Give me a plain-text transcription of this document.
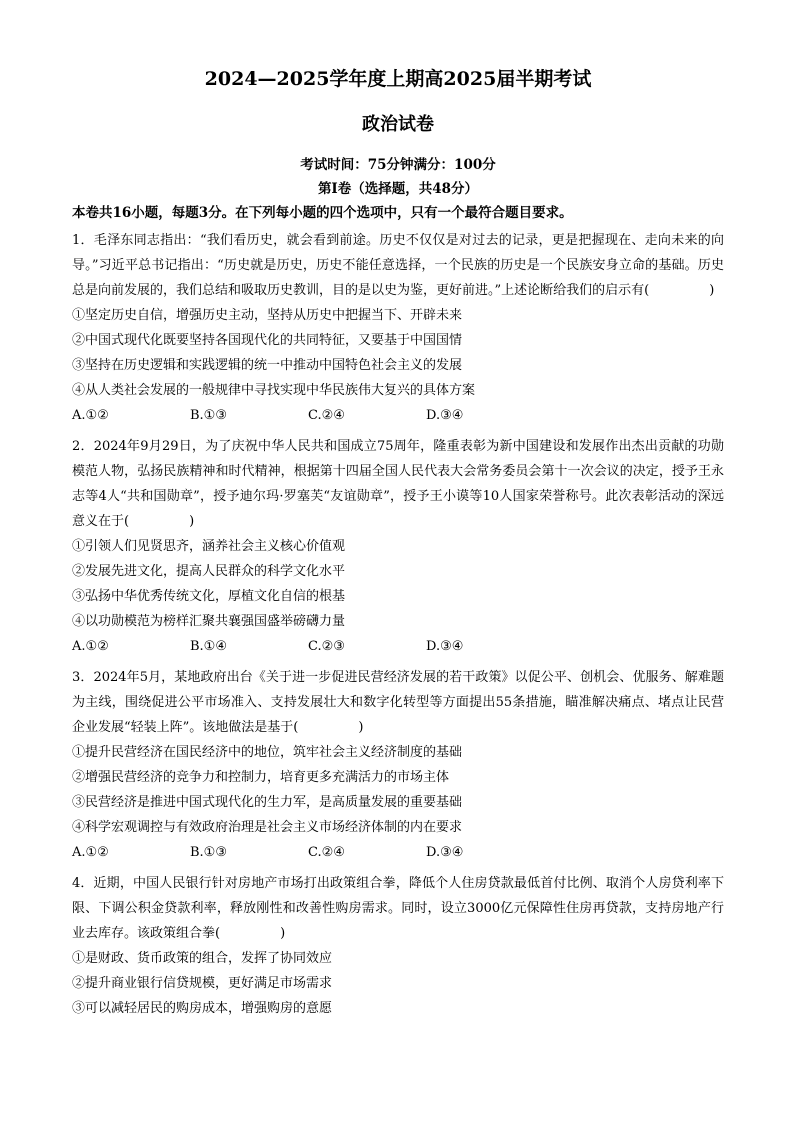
2024—2025学年度上期高2025届半期考试
政治试卷

考试时间：75分钟满分：100分

第Ⅰ卷（选择题，共48分）

本卷共16小题，每题3分。在下列每小题的四个选项中，只有一个最符合题目要求。

1．毛泽东同志指出：“我们看历史，就会看到前途。历史不仅仅是对过去的记录，更是把握现在、走向未来的向导。”习近平总书记指出：“历史就是历史，历史不能任意选择，一个民族的历史是一个民族安身立命的基础。历史总是向前发展的，我们总结和吸取历史教训，目的是以史为鉴，更好前进。”上述论断给我们的启示有(	)

①坚定历史自信，增强历史主动，坚持从历史中把握当下、开辟未来

②中国式现代化既要坚持各国现代化的共同特征，又要基于中国国情

③坚持在历史逻辑和实践逻辑的统一中推动中国特色社会主义的发展

④从人类社会发展的一般规律中寻找实现中华民族伟大复兴的具体方案

A.①②	B.①③	C.②④	D.③④

2．2024年9月29日，为了庆祝中华人民共和国成立75周年，隆重表彰为新中国建设和发展作出杰出贡献的功勋模范人物，弘扬民族精神和时代精神，根据第十四届全国人民代表大会常务委员会第十一次会议的决定，授予王永志等4人“共和国勋章”，授予迪尔玛·罗塞芙“友谊勋章”，授予王小谟等10人国家荣誉称号。此次表彰活动的深远意义在于(	)

①引领人们见贤思齐，涵养社会主义核心价值观

②发展先进文化，提高人民群众的科学文化水平

③弘扬中华优秀传统文化，厚植文化自信的根基

④以功勋模范为榜样汇聚共襄强国盛举磅礴力量

A.①②	B.①④	C.②③	D.③④

3．2024年5月，某地政府出台《关于进一步促进民营经济发展的若干政策》以促公平、创机会、优服务、解难题为主线，围绕促进公平市场准入、支持发展壮大和数字化转型等方面提出55条措施，瞄准解决痛点、堵点让民营企业发展“轻装上阵”。该地做法是基于(	)

①提升民营经济在国民经济中的地位，筑牢社会主义经济制度的基础

②增强民营经济的竞争力和控制力，培育更多充满活力的市场主体

③民营经济是推进中国式现代化的生力军，是高质量发展的重要基础

④科学宏观调控与有效政府治理是社会主义市场经济体制的内在要求

A.①②	B.①③	C.②④	D.③④

4．近期，中国人民银行针对房地产市场打出政策组合拳，降低个人住房贷款最低首付比例、取消个人房贷利率下限、下调公积金贷款利率，释放刚性和改善性购房需求。同时，设立3000亿元保障性住房再贷款，支持房地产行业去库存。该政策组合拳(	)

①是财政、货币政策的组合，发挥了协同效应

②提升商业银行信贷规模，更好满足市场需求

③可以减轻居民的购房成本，增强购房的意愿
